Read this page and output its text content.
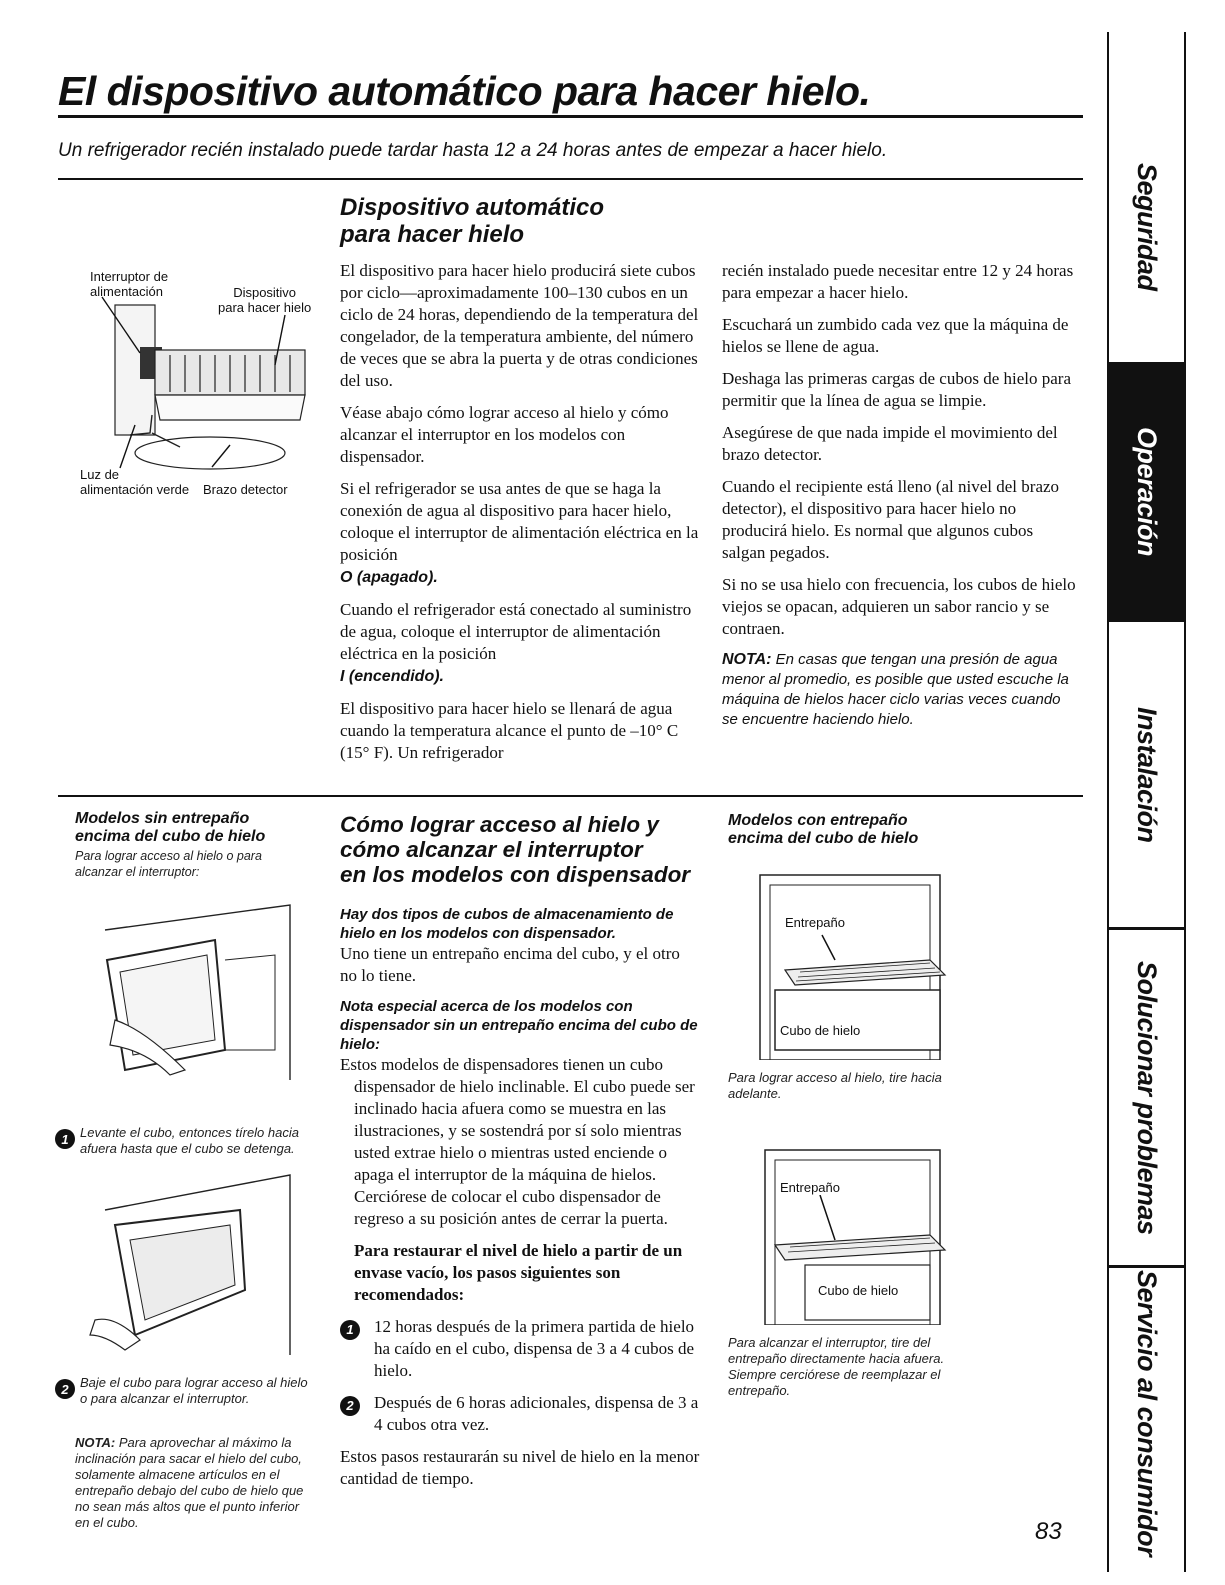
El dispositivo automático para hacer hielo.
Un refrigerador recién instalado puede tardar hasta 12 a 24 horas antes de empezar a hacer hielo.
Interruptor de
alimentación	Dispositivo
para hacer hielo
Luz de
alimentación verde Brazo detector
Dispositivo automático
para hacer hielo

El dispositivo para hacer hielo producirá siete cubos por ciclo—aproximadamente 100–130 cubos en un ciclo de 24 horas, dependiendo de la temperatura del congelador, de la temperatura ambiente, del número de veces que se abra la puerta y de otras condiciones del uso.

Véase abajo cómo lograr acceso al hielo y cómo alcanzar el interruptor en los modelos con dispensador.

Si el refrigerador se usa antes de que se haga la conexión de agua al dispositivo para hacer hielo, coloque el interruptor de alimentación eléctrica en la posición
O (apagado).

Cuando el refrigerador está conectado al suministro de agua, coloque el interruptor de alimentación eléctrica en la posición
I (encendido).

El dispositivo para hacer hielo se llenará de agua cuando la temperatura alcance el punto de –10° C (15° F). Un refrigerador

recién instalado puede necesitar entre 12 y 24 horas para empezar a hacer hielo.

Escuchará un zumbido cada vez que la máquina de hielos se llene de agua.

Deshaga las primeras cargas de cubos de hielo para permitir que la línea de agua se limpie.

Asegúrese de que nada impide el movimiento del brazo detector.

Cuando el recipiente está lleno (al nivel del brazo detector), el dispositivo para hacer hielo no producirá hielo. Es normal que algunos cubos salgan pegados.

Si no se usa hielo con frecuencia, los cubos de hielo viejos se opacan, adquieren un sabor rancio y se contraen.

NOTA: En casas que tengan una presión de agua menor al promedio, es posible que usted escuche la máquina de hielos hacer ciclo varias veces cuando se encuentre haciendo hielo.

Modelos sin entrepaño
encima del cubo de hielo
Para lograr acceso al hielo o para alcanzar el interruptor:
1 Levante el cubo, entonces tírelo hacia afuera hasta que el cubo se detenga.
2 Baje el cubo para lograr acceso al hielo o para alcanzar el interruptor.
NOTA: Para aprovechar al máximo la inclinación para sacar el hielo del cubo, solamente almacene artículos en el entrepaño debajo del cubo de hielo que no sean más altos que el punto inferior en el cubo.
Cómo lograr acceso al hielo y
cómo alcanzar el interruptor
en los modelos con dispensador
Hay dos tipos de cubos de almacenamiento de hielo en los modelos con dispensador.

Uno tiene un entrepaño encima del cubo, y el otro no lo tiene.

Nota especial acerca de los modelos con dispensador sin un entrepaño encima del cubo de hielo:

Estos modelos de dispensadores tienen un cubo dispensador de hielo inclinable. El cubo puede ser inclinado hacia afuera como se muestra en las ilustraciones, y se sostendrá por sí solo mientras usted extrae hielo o mientras usted enciende o apaga el interruptor de la máquina de hielos. Cerciórese de colocar el cubo dispensador de regreso a su posición antes de cerrar la puerta.

Para restaurar el nivel de hielo a partir de un envase vacío, los pasos siguientes son recomendados:

1	12 horas después de la primera partida de hielo ha caído en el cubo, dispensa de 3 a 4 cubos de hielo.
2	Después de 6 horas adicionales, dispensa de 3 a 4 cubos otra vez.

Estos pasos restaurarán su nivel de hielo en la menor cantidad de tiempo.

Modelos con entrepaño
encima del cubo de hielo
Entrepaño
Cubo de hielo
Para lograr acceso al hielo, tire hacia adelante.
Entrepaño
Cubo de hielo
Para alcanzar el interruptor, tire del entrepaño directamente hacia afuera. Siempre cerciórese de reemplazar el entrepaño.
83
Seguridad
Operación
Instalación
Solucionar problemas
Servicio al consumidor
